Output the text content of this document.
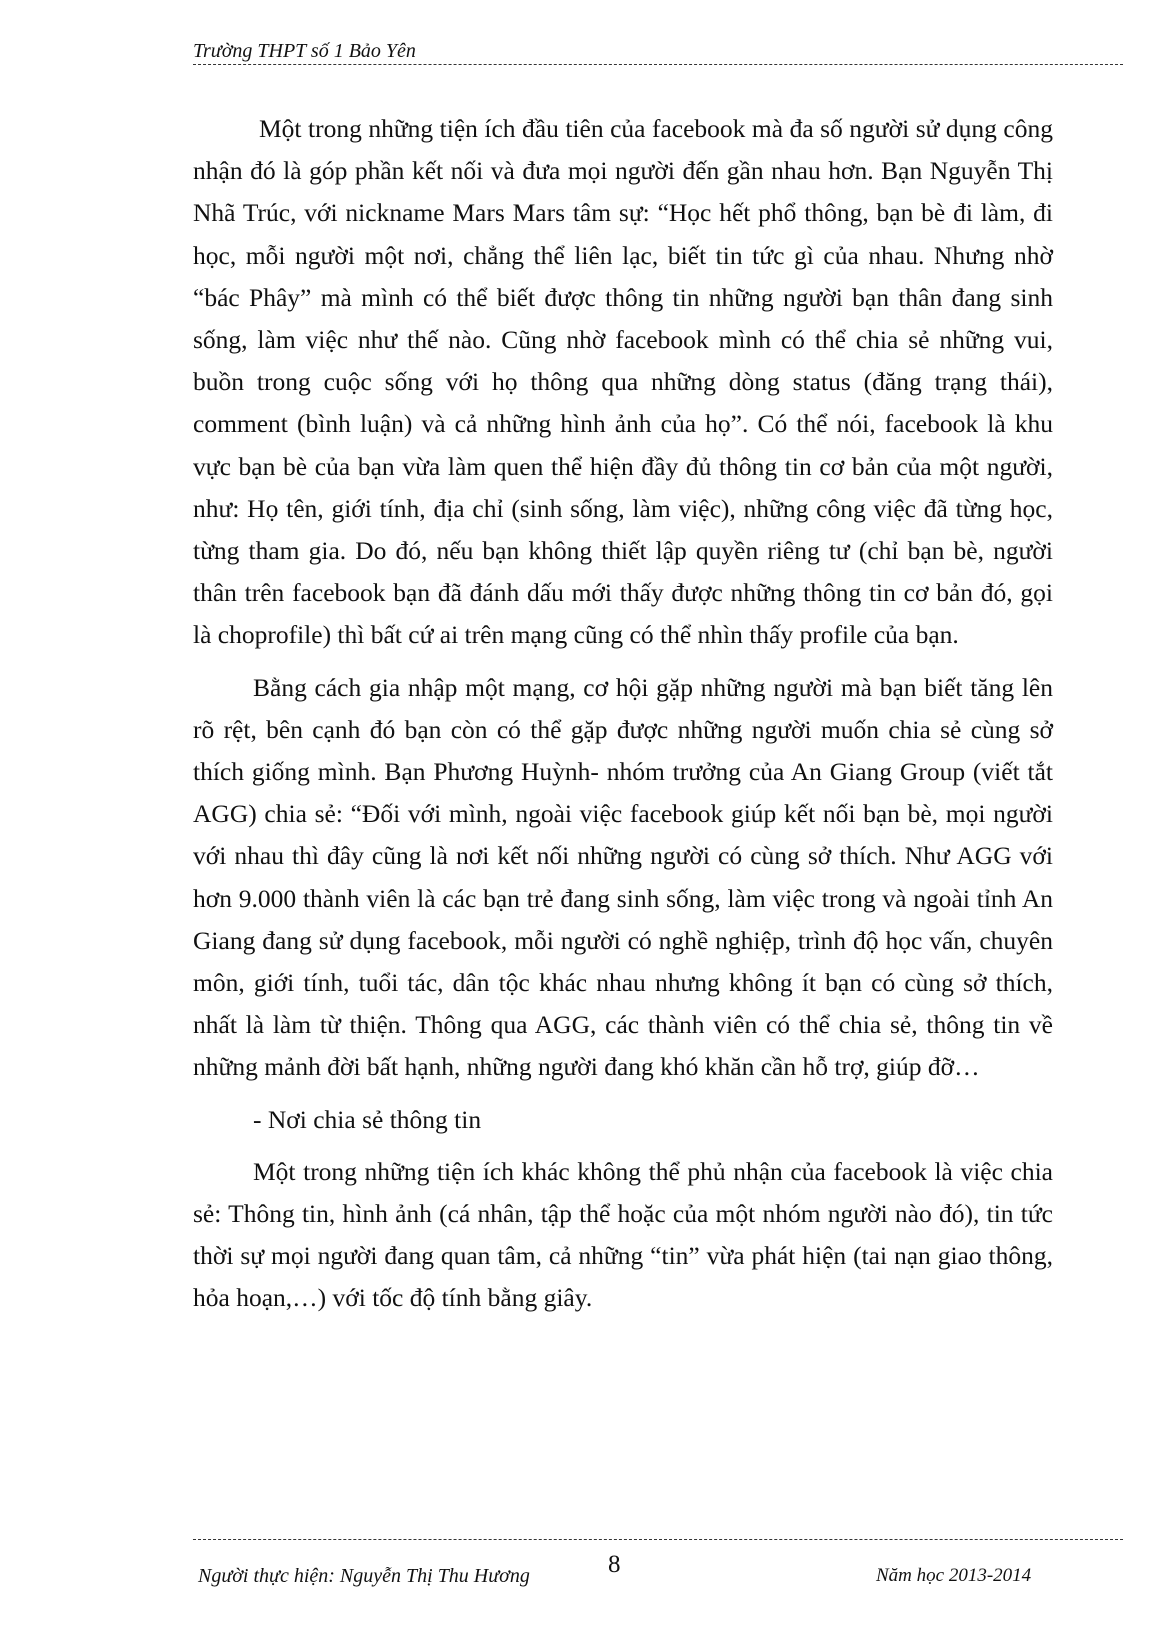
Trường THPT số 1 Bảo Yên

Một trong những tiện ích đầu tiên của facebook mà đa số người sử dụng công nhận đó là góp phần kết nối và đưa mọi người đến gần nhau hơn. Bạn Nguyễn Thị Nhã Trúc, với nickname Mars Mars tâm sự: “Học hết phổ thông, bạn bè đi làm, đi học, mỗi người một nơi, chẳng thể liên lạc, biết tin tức gì của nhau. Nhưng nhờ “bác Phây” mà mình có thể biết được thông tin những người bạn thân đang sinh sống, làm việc như thế nào. Cũng nhờ facebook mình có thể chia sẻ những vui, buồn trong cuộc sống với họ thông qua những dòng status (đăng trạng thái), comment (bình luận) và cả những hình ảnh của họ”. Có thể nói, facebook là khu vực bạn bè của bạn vừa làm quen thể hiện đầy đủ thông tin cơ bản của một người, như: Họ tên, giới tính, địa chỉ (sinh sống, làm việc), những công việc đã từng học, từng tham gia. Do đó, nếu bạn không thiết lập quyền riêng tư (chỉ bạn bè, người thân trên facebook bạn đã đánh dấu mới thấy được những thông tin cơ bản đó, gọi là choprofile) thì bất cứ ai trên mạng cũng có thể nhìn thấy profile của bạn.

Bằng cách gia nhập một mạng, cơ hội gặp những người mà bạn biết tăng lên rõ rệt, bên cạnh đó bạn còn có thể gặp được những người muốn chia sẻ cùng sở thích giống mình. Bạn Phương Huỳnh- nhóm trưởng của An Giang Group (viết tắt AGG) chia sẻ: “Đối với mình, ngoài việc facebook giúp kết nối bạn bè, mọi người với nhau thì đây cũng là nơi kết nối những người có cùng sở thích. Như AGG với hơn 9.000 thành viên là các bạn trẻ đang sinh sống, làm việc trong và ngoài tỉnh An Giang đang sử dụng facebook, mỗi người có nghề nghiệp, trình độ học vấn, chuyên môn, giới tính, tuổi tác, dân tộc khác nhau nhưng không ít bạn có cùng sở thích, nhất là làm từ thiện. Thông qua AGG, các thành viên có thể chia sẻ, thông tin về những mảnh đời bất hạnh, những người đang khó khăn cần hỗ trợ, giúp đỡ…

- Nơi chia sẻ thông tin

Một trong những tiện ích khác không thể phủ nhận của facebook là việc chia sẻ: Thông tin, hình ảnh (cá nhân, tập thể hoặc của một nhóm người nào đó), tin tức thời sự mọi người đang quan tâm, cả những “tin” vừa phát hiện (tai nạn giao thông, hỏa hoạn,…) với tốc độ tính bằng giây.

Người thực hiện: Nguyễn Thị Thu Hương	8	Năm học 2013-2014
